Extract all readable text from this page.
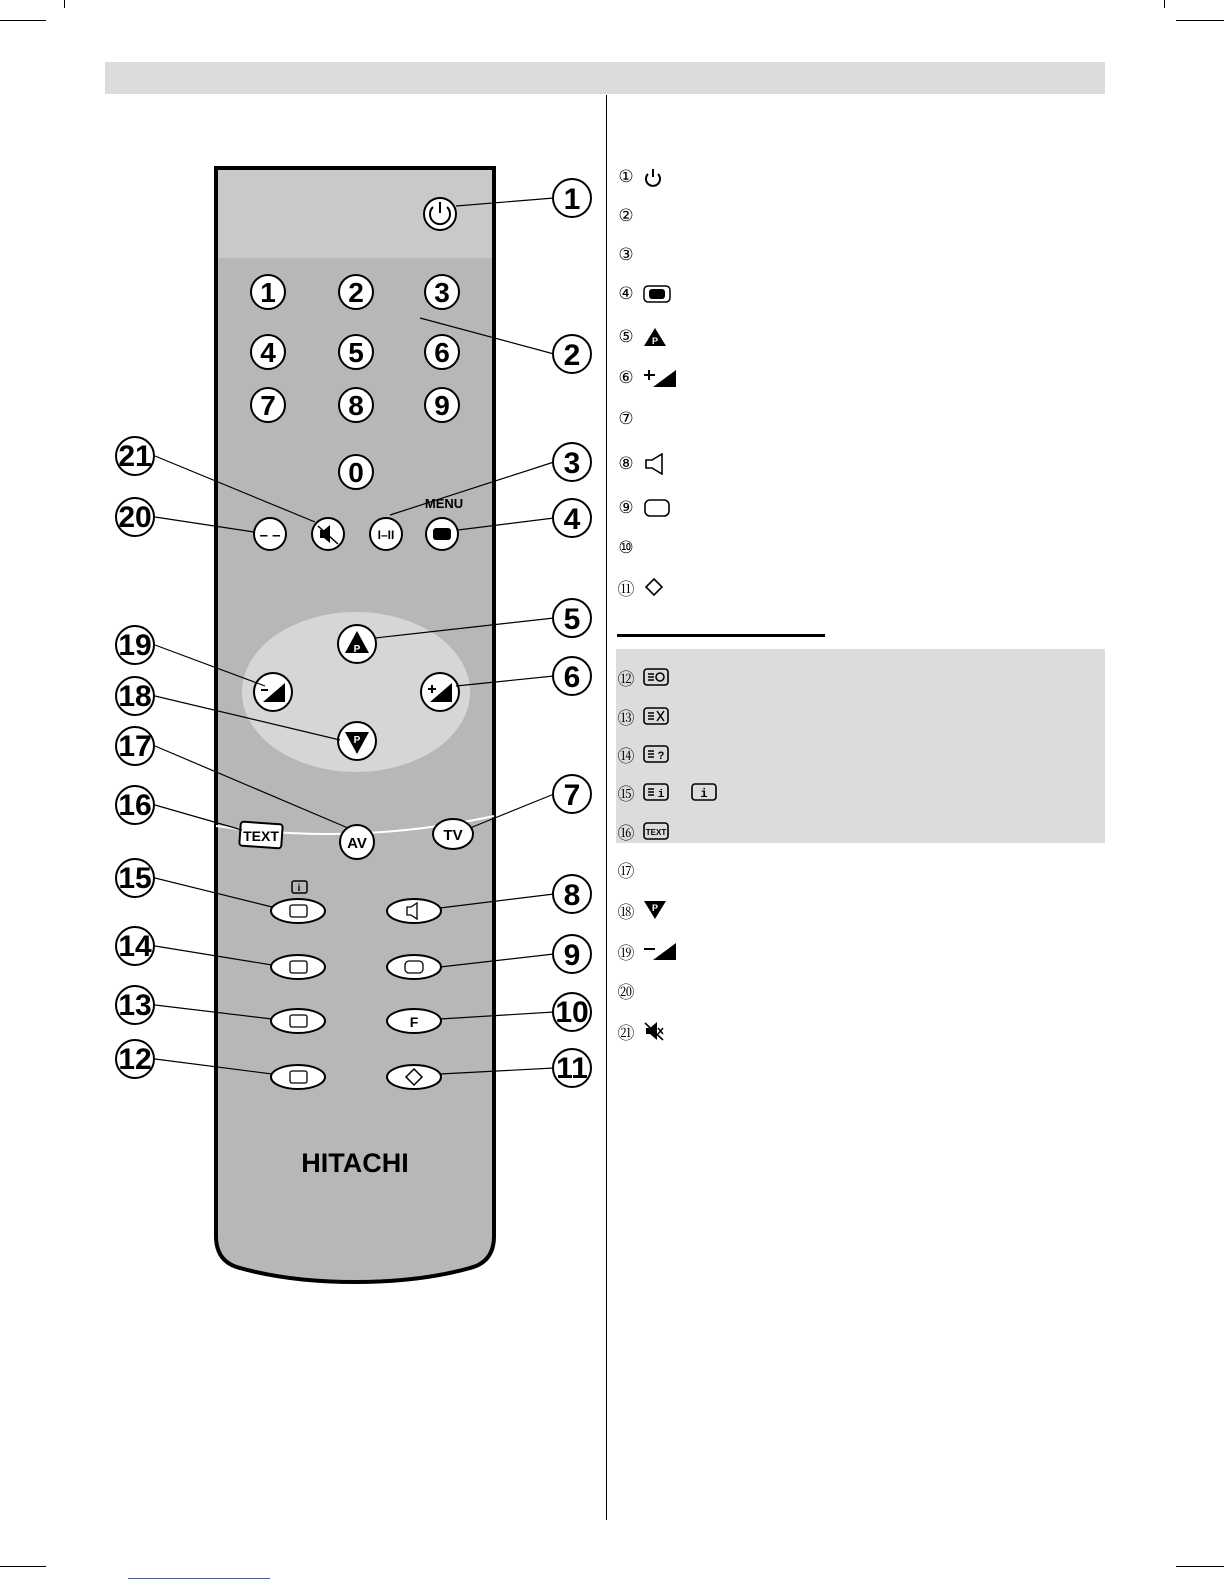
1	2	3
4	5	6
7	8	9
0
MENU
– –	I–II
P
P
TEXT	AV	TV
i
F
HITACHI
1
2
3
4
5
6
7
8
9
10
11
12
13
14
15
16
17
18
19
20
21
①
②
③
④
⑤ P
⑥
⑦
⑧
⑨
⑩
⑪
⑫
⑬
⑭ ?
⑮ i	i
⑯ TEXT
⑰
⑱ P
⑲
⑳
㉑
